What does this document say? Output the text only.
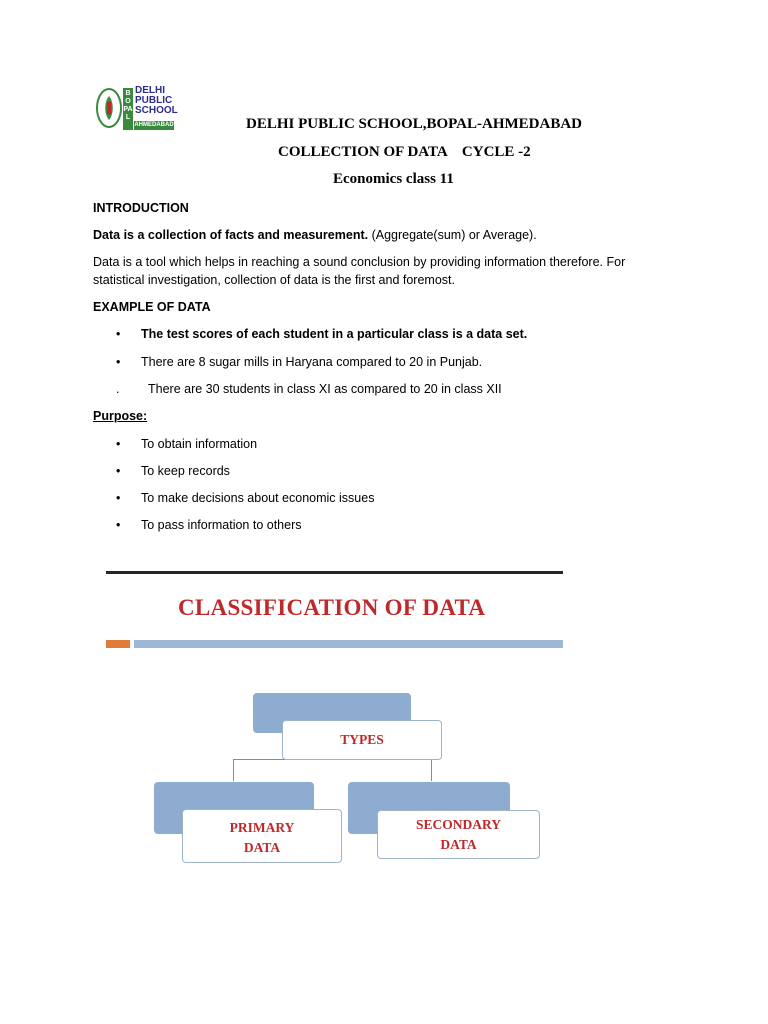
BOPAL
DELHI
PUBLIC
SCHOOL
AHMEDABAD	DELHI PUBLIC SCHOOL,BOPAL-AHMEDABAD
COLLECTION OF DATA    CYCLE -2
Economics class 11
INTRODUCTION
Data is a collection of facts and measurement. (Aggregate(sum) or Average).
Data is a tool which helps in reaching a sound conclusion by providing information therefore. For
statistical investigation, collection of data is the first and foremost.
EXAMPLE OF DATA
• The test scores of each student in a particular class is a data set.
• There are 8 sugar mills in Haryana compared to 20 in Punjab.
. There are 30 students in class XI as compared to 20 in class XII
Purpose:
• To obtain information
• To keep records
• To make decisions about economic issues
• To pass information to others
CLASSIFICATION OF DATA
TYPES
PRIMARY
DATA
SECONDARY
DATA
